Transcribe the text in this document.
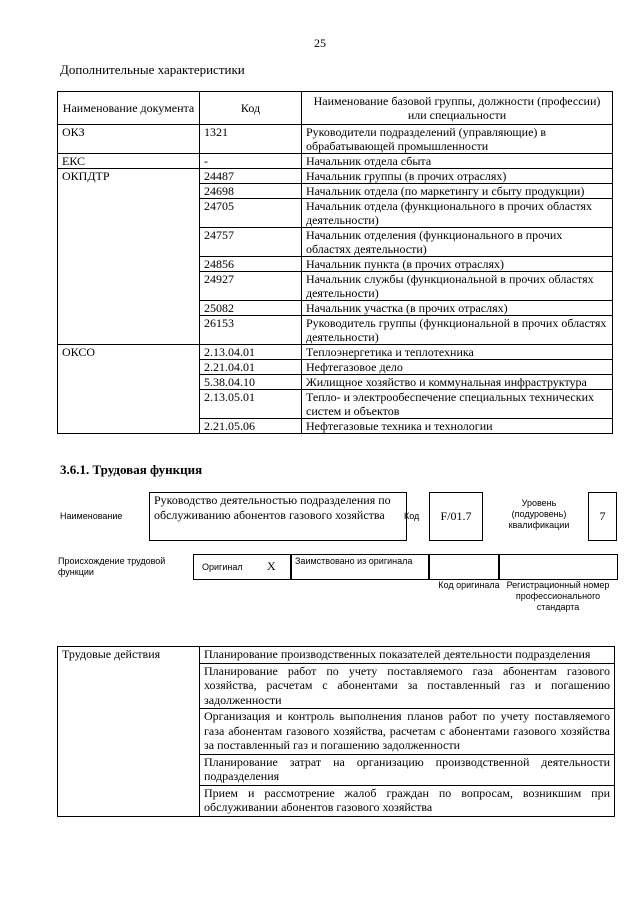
25
Дополнительные характеристики
Наименование документа	Код	Наименование базовой группы, должности (профессии) или специальности
ОКЗ	1321	Руководители подразделений (управляющие) в обрабатывающей промышленности
ЕКС	-	Начальник отдела сбыта
ОКПДТР	24487	Начальник группы (в прочих отраслях)
	24698	Начальник отдела (по маркетингу и сбыту продукции)
	24705	Начальник отдела (функционального в прочих областях деятельности)
	24757	Начальник отделения (функционального в прочих областях деятельности)
	24856	Начальник пункта (в прочих отраслях)
	24927	Начальник службы (функциональной в прочих областях деятельности)
	25082	Начальник участка (в прочих отраслях)
	26153	Руководитель группы (функциональной в прочих областях деятельности)
ОКСО	2.13.04.01	Теплоэнергетика и теплотехника
	2.21.04.01	Нефтегазовое дело
	5.38.04.10	Жилищное хозяйство и коммунальная инфраструктура
	2.13.05.01	Тепло- и электрообеспечение специальных технических систем и объектов
	2.21.05.06	Нефтегазовые техника и технологии
3.6.1. Трудовая функция
Наименование
Руководство деятельностью подразделения по обслуживанию абонентов газового хозяйства	Код	F/01.7
Уровень (подуровень) квалификации
7
Происхождение трудовой функции	Оригинал X Заимствовано из оригинала
Код оригинала Регистрационный номер профессионального стандарта
Трудовые действия	Планирование производственных показателей деятельности подразделения
Планирование работ по учету поставляемого газа абонентам газового хозяйства, расчетам с абонентами за поставленный газ и погашению задолженности
Организация и контроль выполнения планов работ по учету поставляемого газа абонентам газового хозяйства, расчетам с абонентами газового хозяйства за поставленный газ и погашению задолженности
Планирование затрат на организацию производственной деятельности подразделения
Прием и рассмотрение жалоб граждан по вопросам, возникшим при обслуживании абонентов газового хозяйства
